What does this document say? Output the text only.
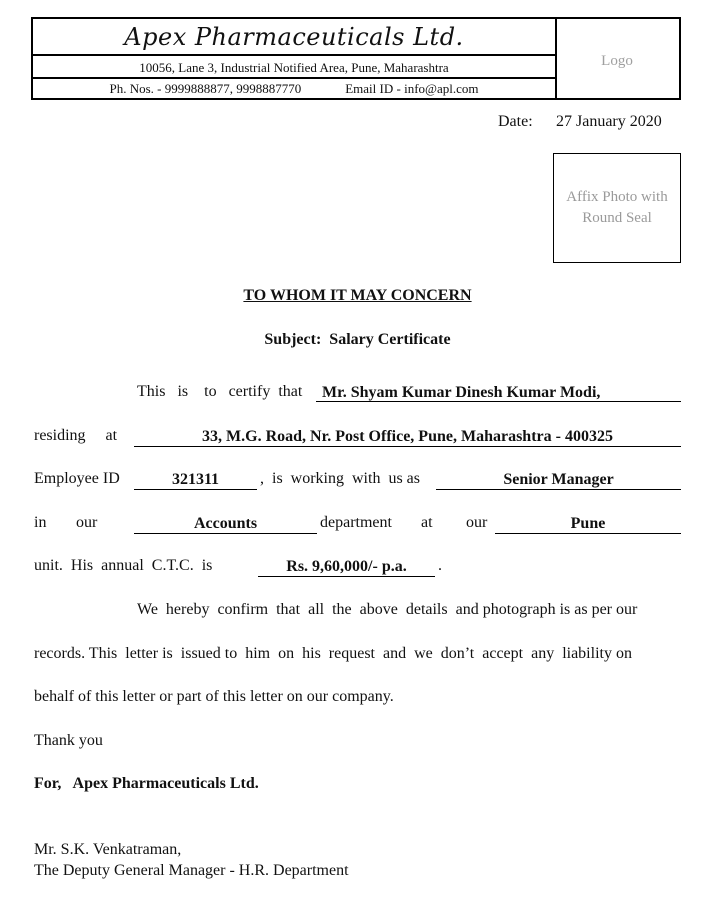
Apex Pharmaceuticals Ltd.
10056, Lane 3, Industrial Notified Area, Pune, Maharashtra
Ph. Nos. - 9999888877, 9998887770	Email ID - info@apl.com
Logo
Date: 27 January 2020
Affix Photo with
Round Seal
TO WHOM IT MAY CONCERN
Subject:  Salary Certificate
This   is    to   certify  that	Mr. Shyam Kumar Dinesh Kumar Modi,
residing     at	33, M.G. Road, Nr. Post Office, Pune, Maharashtra - 400325
Employee ID	321311	,  is  working  with  us as	Senior Manager
in our	Accounts	department at our	Pune
unit.  His  annual  C.T.C.  is	Rs. 9,60,000/- p.a.	.
We  hereby  confirm  that  all  the  above  details  and photograph is as per our
records. This  letter is  issued to  him  on  his  request  and  we  don’t  accept  any  liability on
behalf of this letter or part of this letter on our company.
Thank you
For,   Apex Pharmaceuticals Ltd.
Mr. S.K. Venkatraman,
The Deputy General Manager - H.R. Department
